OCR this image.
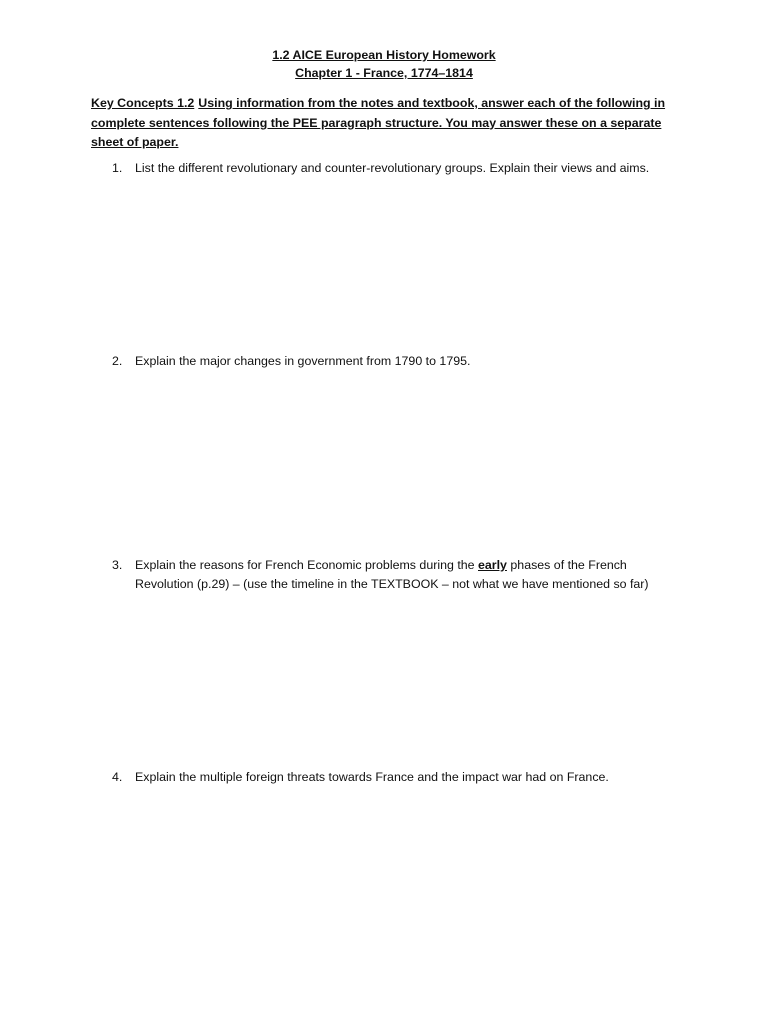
1.2 AICE European History Homework
Chapter 1 - France, 1774–1814
Key Concepts 1.2 Using information from the notes and textbook, answer each of the following in complete sentences following the PEE paragraph structure. You may answer these on a separate sheet of paper.
1.	List the different revolutionary and counter-revolutionary groups. Explain their views and aims.
2.	Explain the major changes in government from 1790 to 1795.
3.	Explain the reasons for French Economic problems during the early phases of the French Revolution (p.29) – (use the timeline in the TEXTBOOK – not what we have mentioned so far)
4.	Explain the multiple foreign threats towards France and the impact war had on France.
